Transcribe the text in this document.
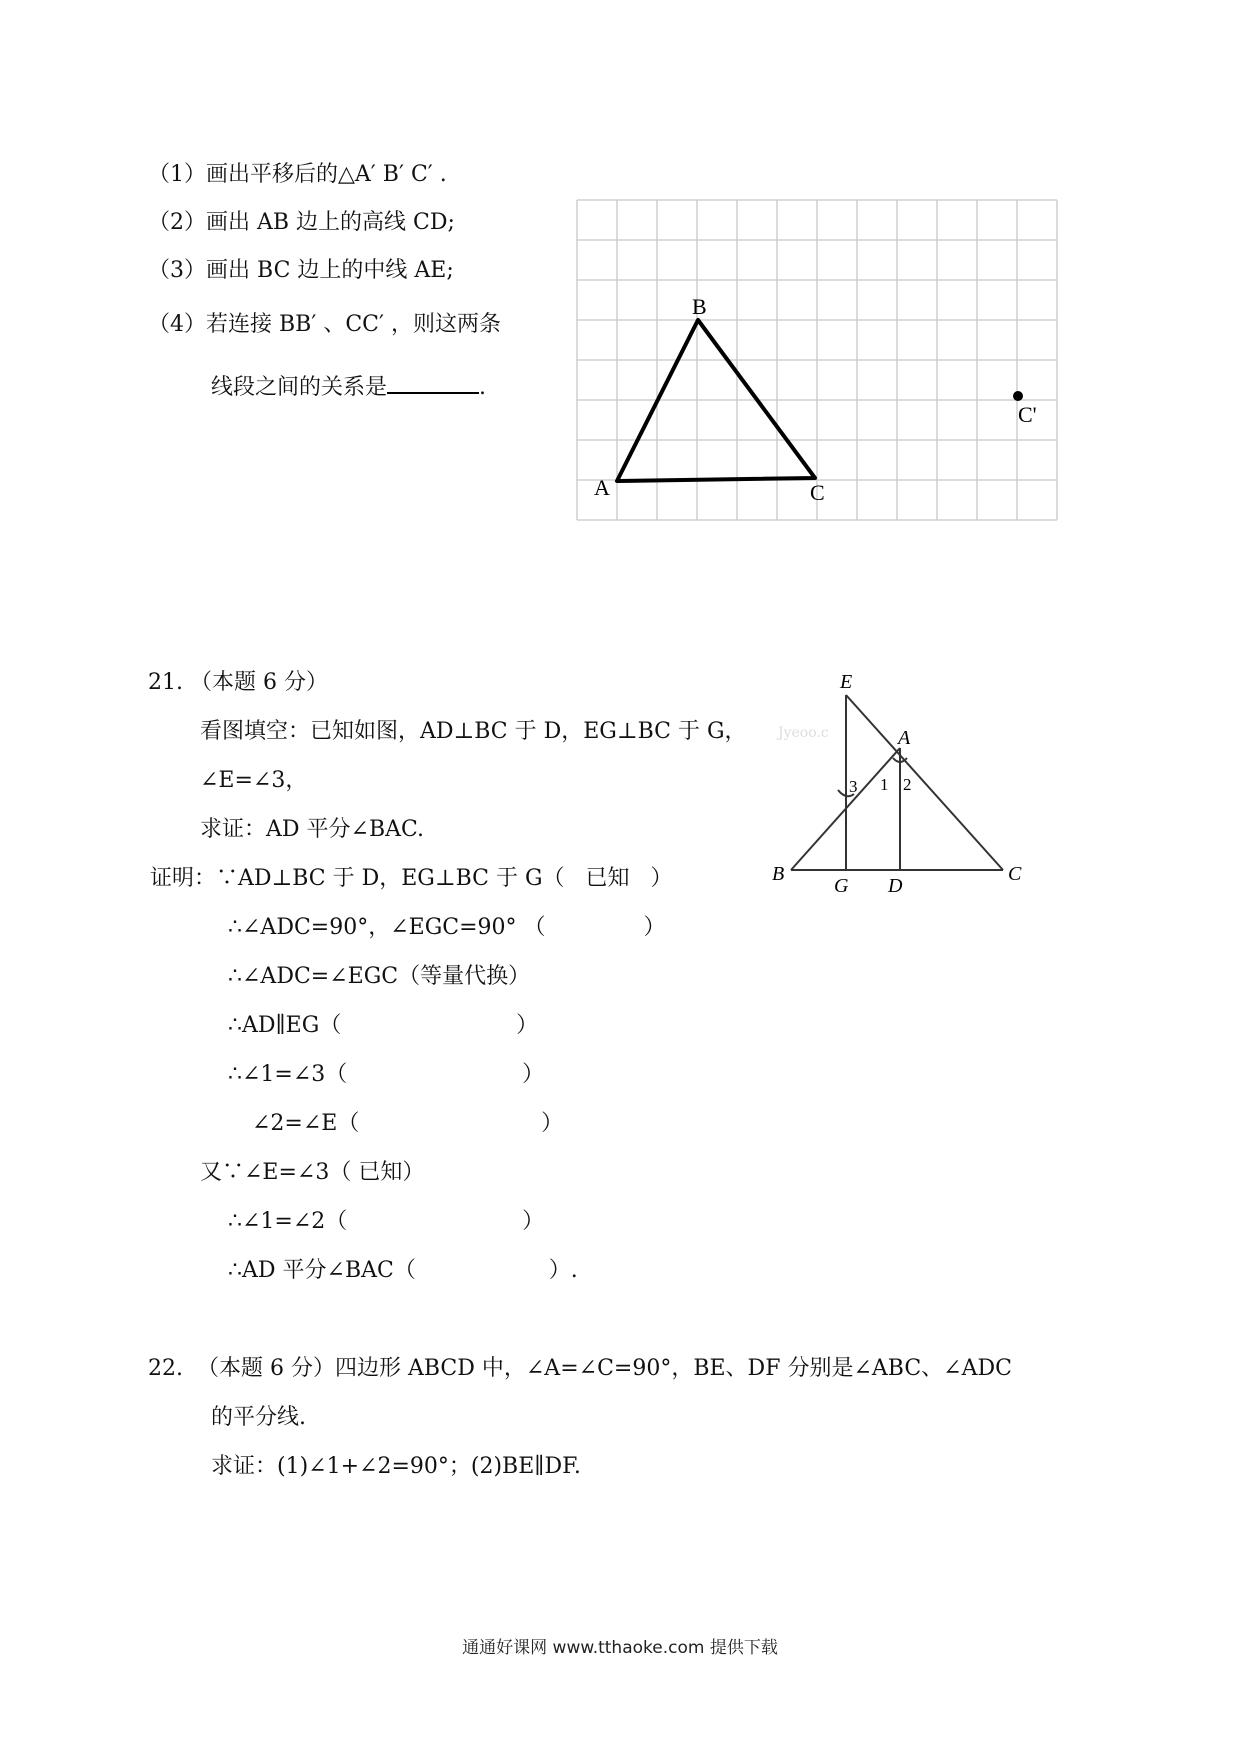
（1）画出平移后的△A′ B′ C′ .
（2）画出 AB 边上的高线 CD;
（3）画出 BC 边上的中线 AE;
（4）若连接 BB′ 、CC′ ，则这两条
线段之间的关系是	.
B
A	C
C'
21. （本题 6 分）
看图填空：已知如图，AD⊥BC 于 D，EG⊥BC 于 G，
∠E=∠3，
求证：AD 平分∠BAC.
证明：∵AD⊥BC 于 D，EG⊥BC 于 G（   已知   ）
∴∠ADC=90°，∠EGC=90° （              ）
∴∠ADC=∠EGC（等量代换）
∴AD∥EG（                         ）
∴∠1=∠3（                         ）
∠2=∠E（                          ）
又∵∠E=∠3（ 已知）
∴∠1=∠2（                         ）
∴AD 平分∠BAC（                   ）.
Jyeoo.c
E
A
B
G D
C
1 2
3
22.  （本题 6 分）四边形 ABCD 中，∠A=∠C=90°，BE、DF 分别是∠ABC、∠ADC
的平分线.
求证：(1)∠1+∠2=90°；(2)BE∥DF.
通通好课网 www.tthaoke.com 提供下载
